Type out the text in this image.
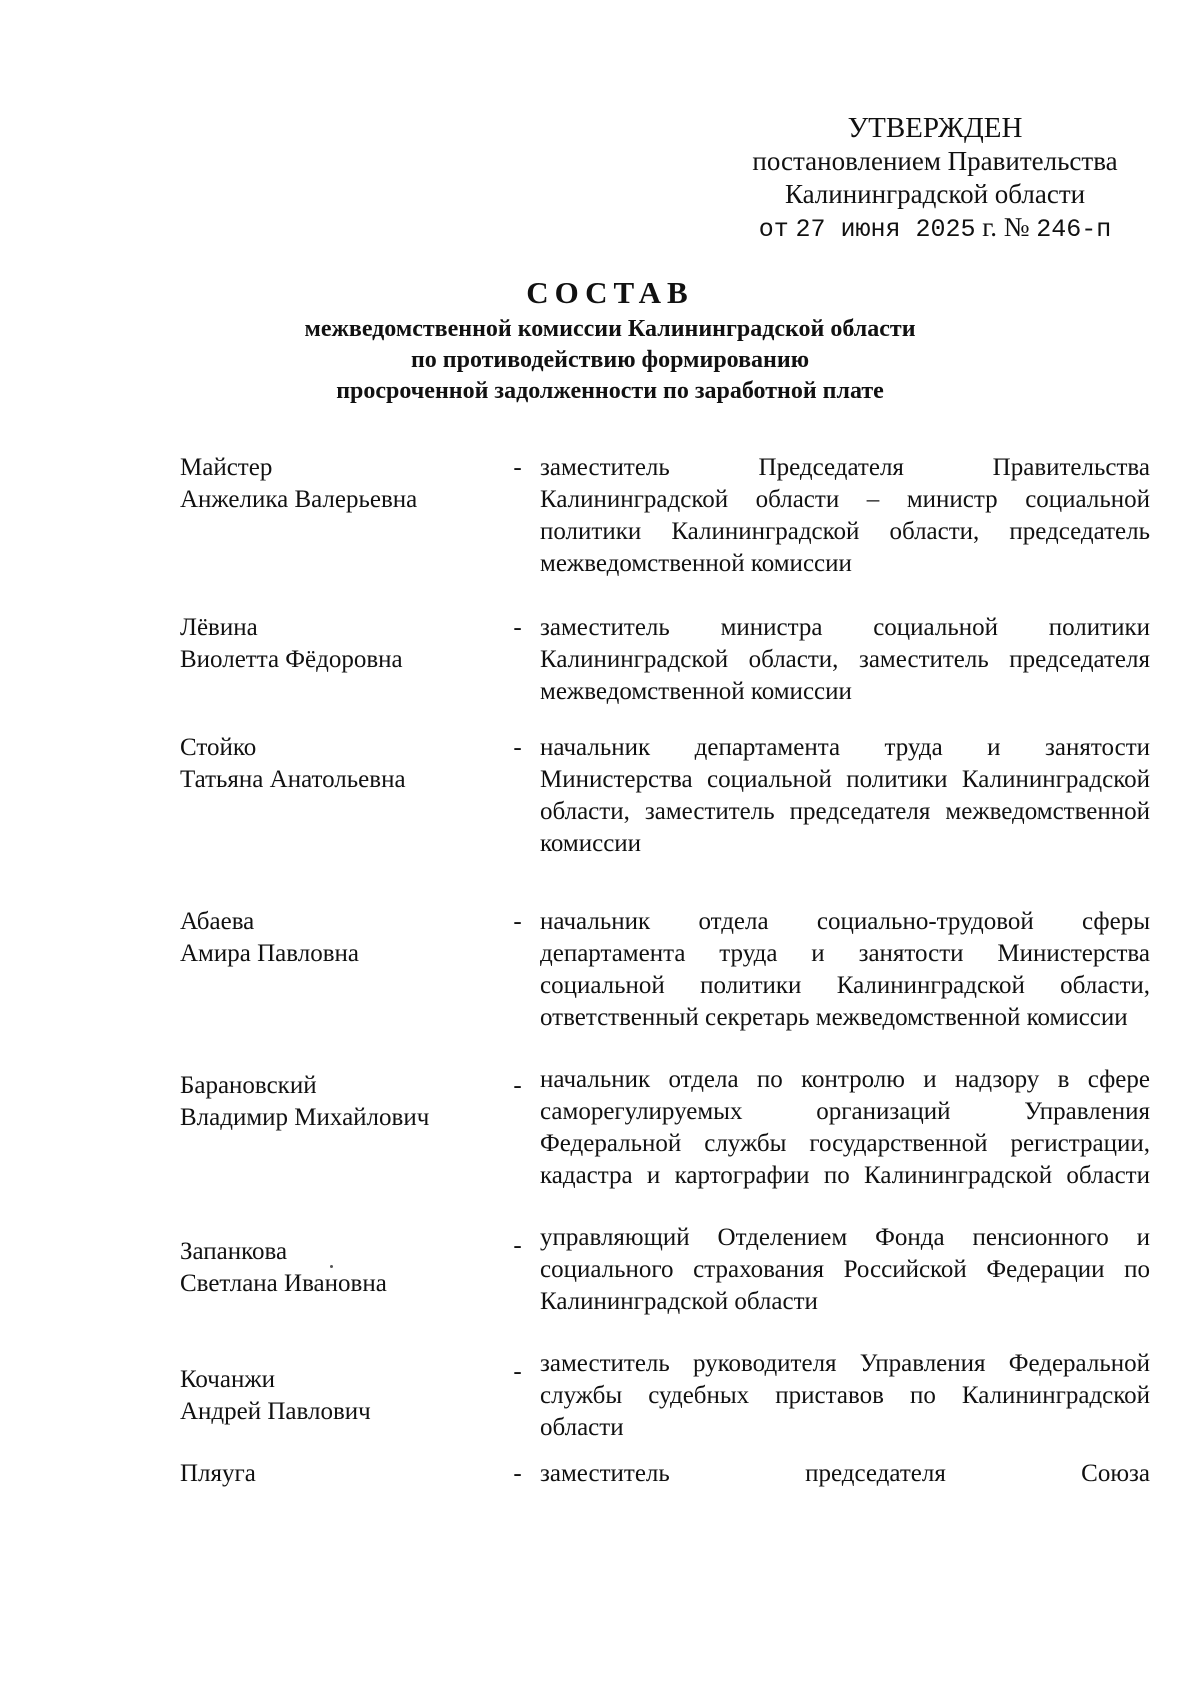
УТВЕРЖДЕН
постановлением Правительства
Калининградской области
от 27 июня 2025 г. № 246-п
СОСТАВ
межведомственной комиссии Калининградской области
по противодействию формированию
просроченной задолженности по заработной плате
Майстер
Анжелика Валерьевна
- заместитель Председателя Правительства Калининградской области – министр социальной политики Калининградской области, председатель межведомственной комиссии
Лёвина
Виолетта Фёдоровна
- заместитель министра социальной политики Калининградской области, заместитель председателя межведомственной комиссии
Стойко
Татьяна Анатольевна
- начальник департамента труда и занятости Министерства социальной политики Калининградской области, заместитель председателя межведомственной комиссии
Абаева
Амира Павловна
- начальник отдела социально-трудовой сферы департамента труда и занятости Министерства социальной политики Калининградской области, ответственный секретарь межведомственной комиссии
Барановский
Владимир Михайлович
- начальник отдела по контролю и надзору в сфере саморегулируемых организаций Управления Федеральной службы государственной регистрации, кадастра и картографии по Калининградской области
Запанкова
Светлана Ивановна
- управляющий Отделением Фонда пенсионного и социального страхования Российской Федерации по Калининградской области
Кочанжи
Андрей Павлович
- заместитель руководителя Управления Федеральной службы судебных приставов по Калининградской области
Пляуга	- заместитель председателя Союза
